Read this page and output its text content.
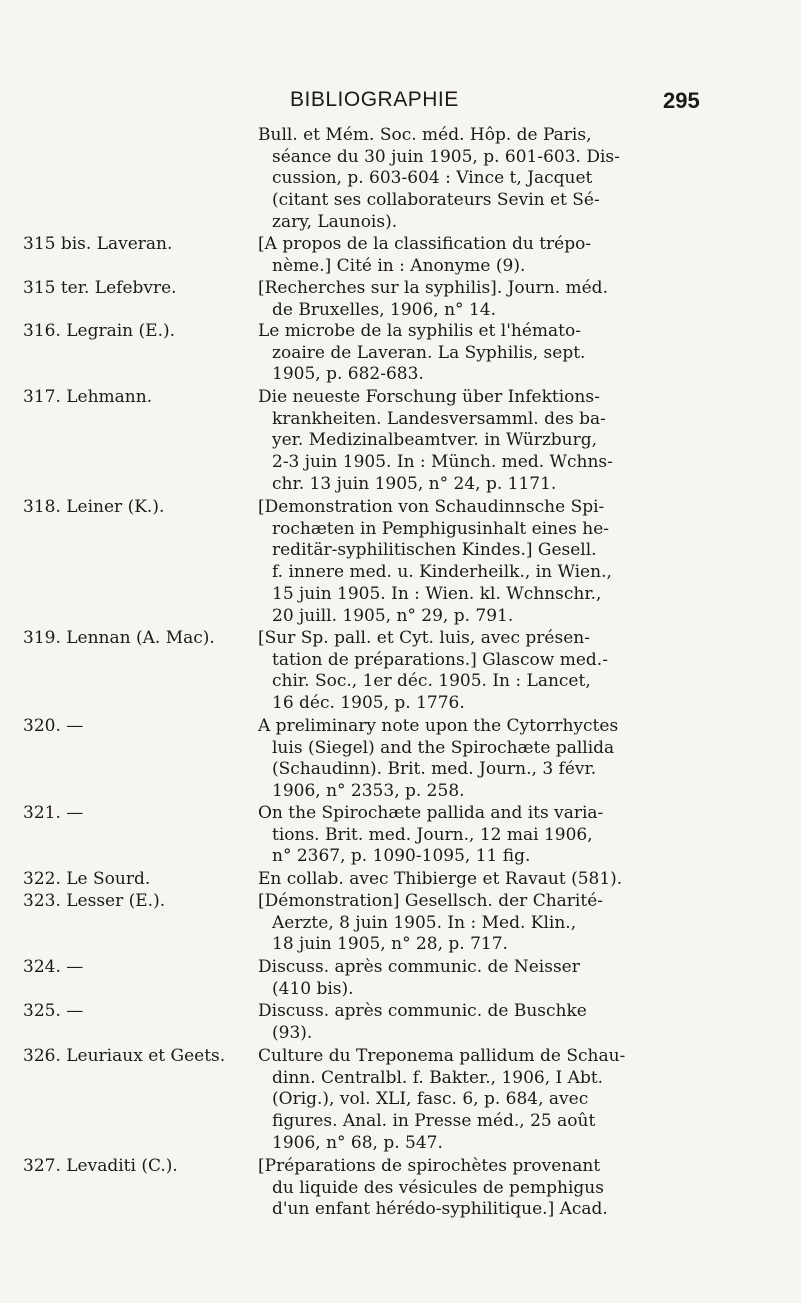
BIBLIOGRAPHIE	295
Bull. et Mém. Soc. méd. Hôp. de Paris,
séance du 30 juin 1905, p. 601-603. Dis-
cussion, p. 603-604 : Vince t, Jacquet
(citant ses collaborateurs Sevin et Sé-
zary, Launois).
315 bis. Laveran.	[A propos de la classification du trépo-
nème.] Cité in : Anonyme (9).
315 ter. Lefebvre.	[Recherches sur la syphilis]. Journ. méd.
de Bruxelles, 1906, n° 14.
316. Legrain (E.).	Le microbe de la syphilis et l'hémato-
zoaire de Laveran. La Syphilis, sept.
1905, p. 682-683.
317. Lehmann.	Die neueste Forschung über Infektions-
krankheiten. Landesversamml. des ba-
yer. Medizinalbeamtver. in Würzburg,
2-3 juin 1905. In : Münch. med. Wchns-
chr. 13 juin 1905, n° 24, p. 1171.
318. Leiner (K.).	[Demonstration von Schaudinnsche Spi-
rochæten in Pemphigusinhalt eines he-
reditär-syphilitischen Kindes.] Gesell.
f. innere med. u. Kinderheilk., in Wien.,
15 juin 1905. In : Wien. kl. Wchnschr.,
20 juill. 1905, n° 29, p. 791.
319. Lennan (A. Mac).	[Sur Sp. pall. et Cyt. luis, avec présen-
tation de préparations.] Glascow med.-
chir. Soc., 1er déc. 1905. In : Lancet,
16 déc. 1905, p. 1776.
320. —	A preliminary note upon the Cytorrhyctes
luis (Siegel) and the Spirochæte pallida
(Schaudinn). Brit. med. Journ., 3 févr.
1906, n° 2353, p. 258.
321. —	On the Spirochæte pallida and its varia-
tions. Brit. med. Journ., 12 mai 1906,
n° 2367, p. 1090-1095, 11 fig.
322. Le Sourd.	En collab. avec Thibierge et Ravaut (581).
323. Lesser (E.).	[Démonstration] Gesellsch. der Charité-
Aerzte, 8 juin 1905. In : Med. Klin.,
18 juin 1905, n° 28, p. 717.
324. —	Discuss. après communic. de Neisser
(410 bis).
325. —	Discuss. après communic. de Buschke
(93).
326. Leuriaux et Geets.	Culture du Treponema pallidum de Schau-
dinn. Centralbl. f. Bakter., 1906, I Abt.
(Orig.), vol. XLI, fasc. 6, p. 684, avec
figures. Anal. in Presse méd., 25 août
1906, n° 68, p. 547.
327. Levaditi (C.).	[Préparations de spirochètes provenant
du liquide des vésicules de pemphigus
d'un enfant hérédo-syphilitique.] Acad.
